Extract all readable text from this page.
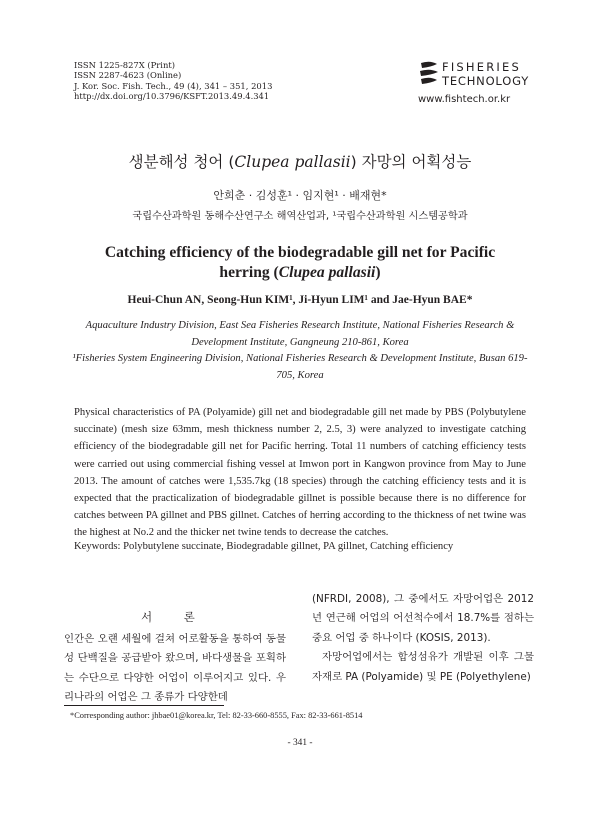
ISSN 1225-827X (Print)
ISSN 2287-4623 (Online)
J. Kor. Soc. Fish. Tech., 49 (4), 341 – 351, 2013
http://dx.doi.org/10.3796/KSFT.2013.49.4.341
FISHERIES
TECHNOLOGY
www.fishtech.or.kr
생분해성 청어 (Clupea pallasii) 자망의 어획성능
안희춘 · 김성훈¹ · 임지현¹ · 배재현*
국립수산과학원 동해수산연구소 해역산업과, ¹국립수산과학원 시스템공학과
Catching efficiency of the biodegradable gill net for Pacific herring (Clupea pallasii)
Heui-Chun AN, Seong-Hun KIM¹, Ji-Hyun LIM¹ and Jae-Hyun BAE*
Aquaculture Industry Division, East Sea Fisheries Research Institute, National Fisheries Research & Development Institute, Gangneung 210-861, Korea
¹Fisheries System Engineering Division, National Fisheries Research & Development Institute, Busan 619-705, Korea
Physical characteristics of PA (Polyamide) gill net and biodegradable gill net made by PBS (Polybutylene succinate) (mesh size 63mm, mesh thickness number 2, 2.5, 3) were analyzed to investigate catching efficiency of the biodegradable gill net for Pacific herring. Total 11 numbers of catching efficiency tests were carried out using commercial fishing vessel at Imwon port in Kangwon province from May to June 2013. The amount of catches were 1,535.7kg (18 species) through the catching efficiency tests and it is expected that the practicalization of biodegradable gillnet is possible because there is no difference for catches between PA gillnet and PBS gillnet. Catches of herring according to the thickness of net twine was the highest at No.2 and the thicker net twine tends to decrease the catches.
Keywords: Polybutylene succinate, Biodegradable gillnet, PA gillnet, Catching efficiency
서 론
인간은 오랜 세월에 걸쳐 어로활동을 통하여 동물성 단백질을 공급받아 왔으며, 바다생물을 포획하는 수단으로 다양한 어업이 이루어지고 있다. 우리나라의 어업은 그 종류가 다양한데
(NFRDI, 2008), 그 중에서도 자망어업은 2012년 연근해 어업의 어선척수에서 18.7%를 점하는 중요 어업 중 하나이다 (KOSIS, 2013).
자망어업에서는 합성섬유가 개발된 이후 그물 자재로 PA (Polyamide) 및 PE (Polyethylene)
*Corresponding author: jhbae01@korea.kr, Tel: 82-33-660-8555, Fax: 82-33-661-8514
- 341 -
